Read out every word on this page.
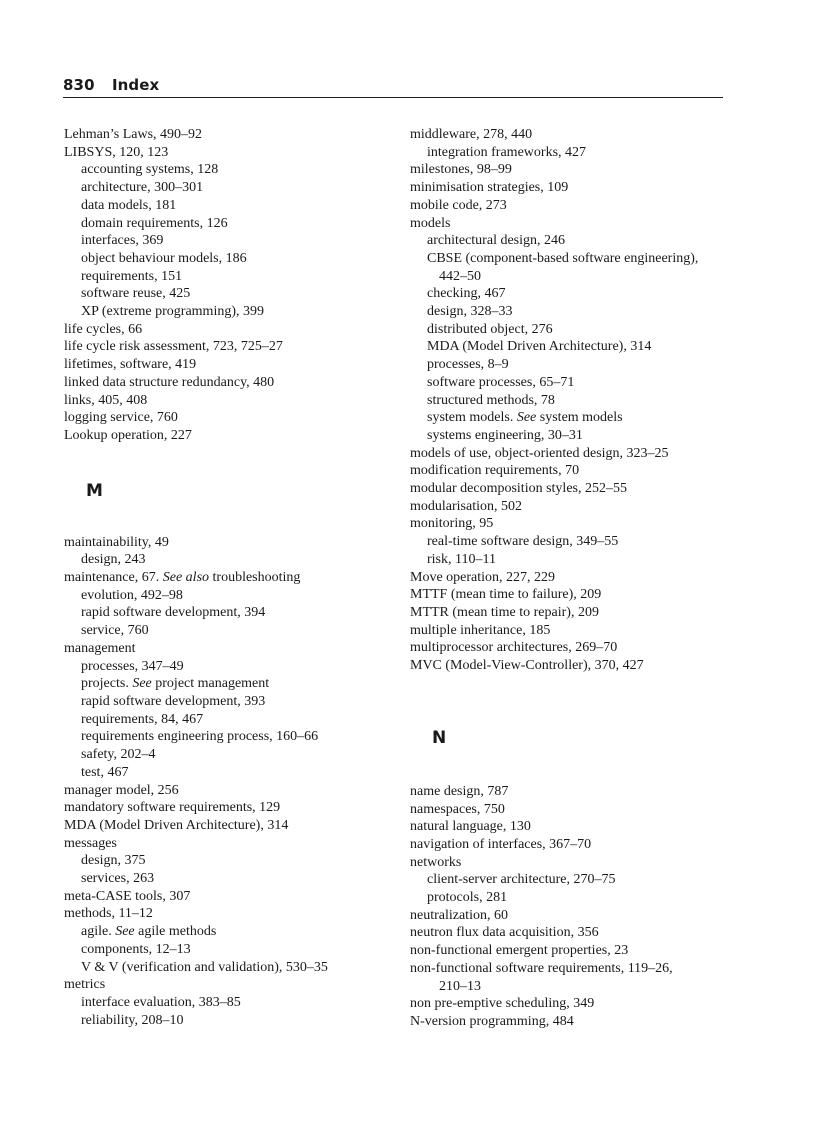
830 Index
Lehman’s Laws, 490–92
LIBSYS, 120, 123
accounting systems, 128
architecture, 300–301
data models, 181
domain requirements, 126
interfaces, 369
object behaviour models, 186
requirements, 151
software reuse, 425
XP (extreme programming), 399
life cycles, 66
life cycle risk assessment, 723, 725–27
lifetimes, software, 419
linked data structure redundancy, 480
links, 405, 408
logging service, 760
Lookup operation, 227
M
maintainability, 49
design, 243
maintenance, 67. See also troubleshooting
evolution, 492–98
rapid software development, 394
service, 760
management
processes, 347–49
projects. See project management
rapid software development, 393
requirements, 84, 467
requirements engineering process, 160–66
safety, 202–4
test, 467
manager model, 256
mandatory software requirements, 129
MDA (Model Driven Architecture), 314
messages
design, 375
services, 263
meta-CASE tools, 307
methods, 11–12
agile. See agile methods
components, 12–13
V & V (verification and validation), 530–35
metrics
interface evaluation, 383–85
reliability, 208–10
middleware, 278, 440
integration frameworks, 427
milestones, 98–99
minimisation strategies, 109
mobile code, 273
models
architectural design, 246
CBSE (component-based software engineering),
442–50
checking, 467
design, 328–33
distributed object, 276
MDA (Model Driven Architecture), 314
processes, 8–9
software processes, 65–71
structured methods, 78
system models. See system models
systems engineering, 30–31
models of use, object-oriented design, 323–25
modification requirements, 70
modular decomposition styles, 252–55
modularisation, 502
monitoring, 95
real-time software design, 349–55
risk, 110–11
Move operation, 227, 229
MTTF (mean time to failure), 209
MTTR (mean time to repair), 209
multiple inheritance, 185
multiprocessor architectures, 269–70
MVC (Model-View-Controller), 370, 427
N
name design, 787
namespaces, 750
natural language, 130
navigation of interfaces, 367–70
networks
client-server architecture, 270–75
protocols, 281
neutralization, 60
neutron flux data acquisition, 356
non-functional emergent properties, 23
non-functional software requirements, 119–26,
210–13
non pre-emptive scheduling, 349
N-version programming, 484
